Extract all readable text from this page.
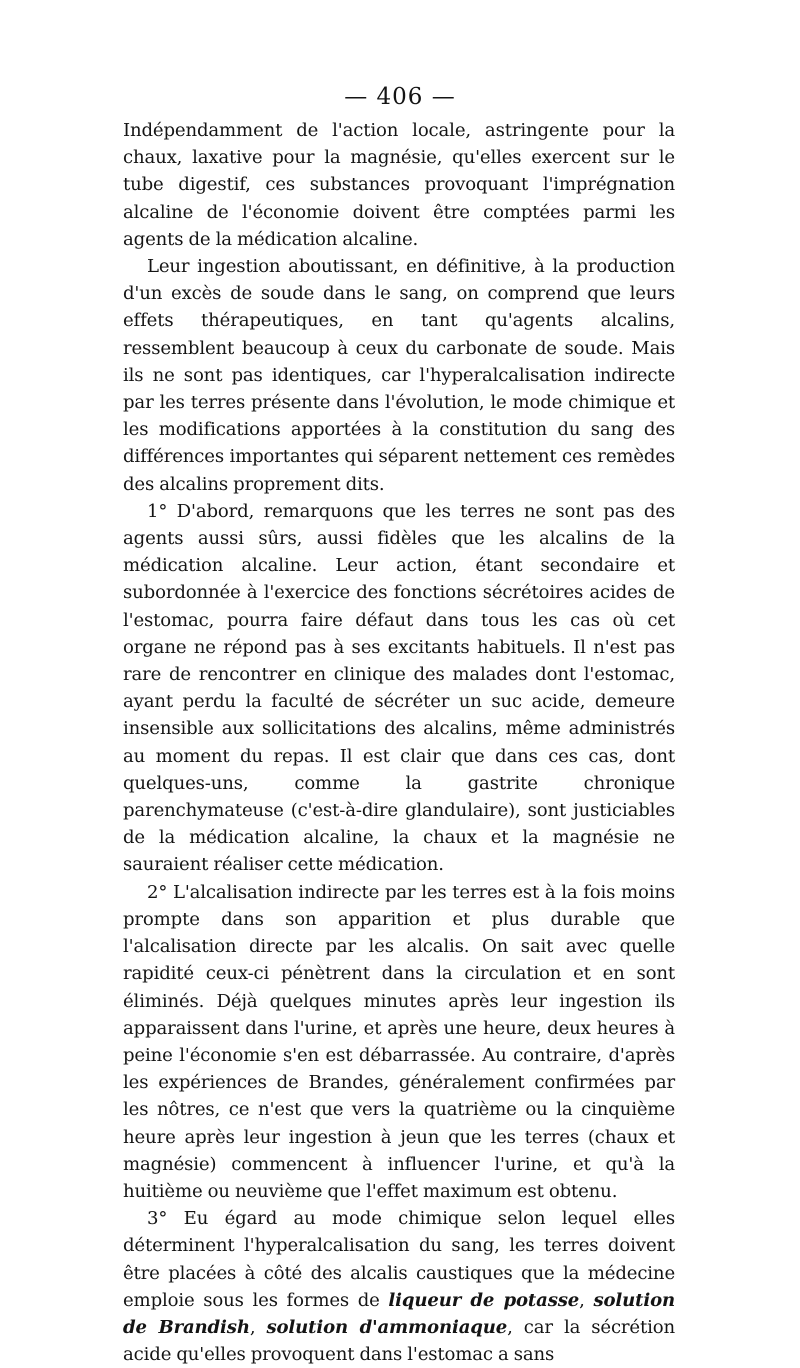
— 406 —

Indépendamment de l'action locale, astringente pour la chaux, laxative pour la magnésie, qu'elles exercent sur le tube digestif, ces substances provoquant l'imprégnation alcaline de l'économie doivent être comptées parmi les agents de la médication alcaline.

Leur ingestion aboutissant, en définitive, à la production d'un excès de soude dans le sang, on comprend que leurs effets thérapeutiques, en tant qu'agents alcalins, ressemblent beaucoup à ceux du carbonate de soude. Mais ils ne sont pas identiques, car l'hyperalcalisation indirecte par les terres présente dans l'évolution, le mode chimique et les modifications apportées à la constitution du sang des différences importantes qui séparent nettement ces remèdes des alcalins proprement dits.

1° D'abord, remarquons que les terres ne sont pas des agents aussi sûrs, aussi fidèles que les alcalins de la médication alcaline. Leur action, étant secondaire et subordonnée à l'exercice des fonctions sécrétoires acides de l'estomac, pourra faire défaut dans tous les cas où cet organe ne répond pas à ses excitants habituels. Il n'est pas rare de rencontrer en clinique des malades dont l'estomac, ayant perdu la faculté de sécréter un suc acide, demeure insensible aux sollicitations des alcalins, même administrés au moment du repas. Il est clair que dans ces cas, dont quelques-uns, comme la gastrite chronique parenchymateuse (c'est-à-dire glandulaire), sont justiciables de la médication alcaline, la chaux et la magnésie ne sauraient réaliser cette médication.

2° L'alcalisation indirecte par les terres est à la fois moins prompte dans son apparition et plus durable que l'alcalisation directe par les alcalis. On sait avec quelle rapidité ceux-ci pénètrent dans la circulation et en sont éliminés. Déjà quelques minutes après leur ingestion ils apparaissent dans l'urine, et après une heure, deux heures à peine l'économie s'en est débarrassée. Au contraire, d'après les expériences de Brandes, généralement confirmées par les nôtres, ce n'est que vers la quatrième ou la cinquième heure après leur ingestion à jeun que les terres (chaux et magnésie) commencent à influencer l'urine, et qu'à la huitième ou neuvième que l'effet maximum est obtenu.

3° Eu égard au mode chimique selon lequel elles déterminent l'hyperalcalisation du sang, les terres doivent être placées à côté des alcalis caustiques que la médecine emploie sous les formes de liqueur de potasse, solution de Brandish, solution d'ammoniaque, car la sécrétion acide qu'elles provoquent dans l'estomac a sans
